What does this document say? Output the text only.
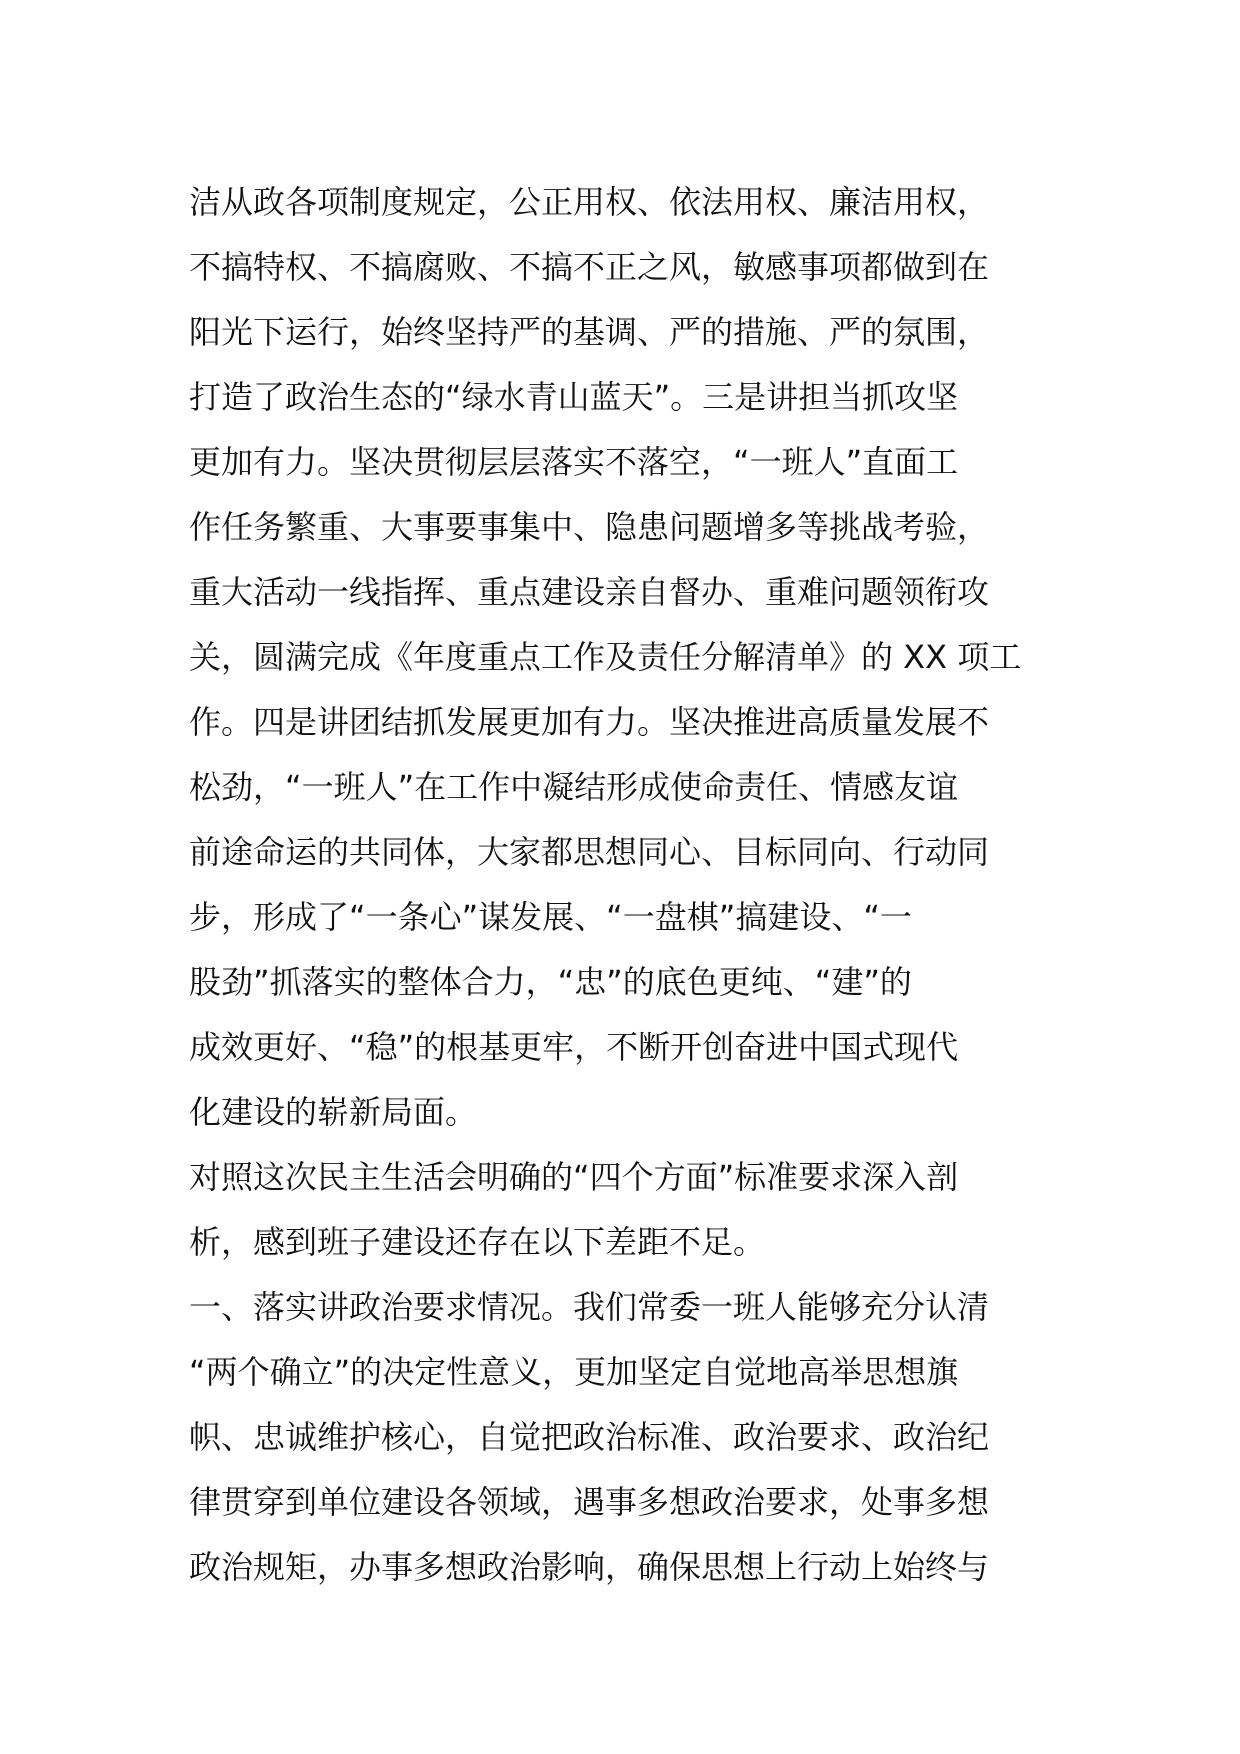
洁从政各项制度规定，公正用权、依法用权、廉洁用权，
不搞特权、不搞腐败、不搞不正之风，敏感事项都做到在
阳光下运行，始终坚持严的基调、严的措施、严的氛围，
打造了政治生态的“绿水青山蓝天”。三是讲担当抓攻坚
更加有力。坚决贯彻层层落实不落空，“一班人”直面工
作任务繁重、大事要事集中、隐患问题增多等挑战考验，
重大活动一线指挥、重点建设亲自督办、重难问题领衔攻
关，圆满完成《年度重点工作及责任分解清单》的 XX 项工
作。四是讲团结抓发展更加有力。坚决推进高质量发展不
松劲，“一班人”在工作中凝结形成使命责任、情感友谊
前途命运的共同体，大家都思想同心、目标同向、行动同
步，形成了“一条心”谋发展、“一盘棋”搞建设、“一
股劲”抓落实的整体合力，“忠”的底色更纯、“建”的
成效更好、“稳”的根基更牢，不断开创奋进中国式现代
化建设的崭新局面。
对照这次民主生活会明确的“四个方面”标准要求深入剖
析，感到班子建设还存在以下差距不足。
一、落实讲政治要求情况。我们常委一班人能够充分认清
“两个确立”的决定性意义，更加坚定自觉地高举思想旗
帜、忠诚维护核心，自觉把政治标准、政治要求、政治纪
律贯穿到单位建设各领域，遇事多想政治要求，处事多想
政治规矩，办事多想政治影响，确保思想上行动上始终与
